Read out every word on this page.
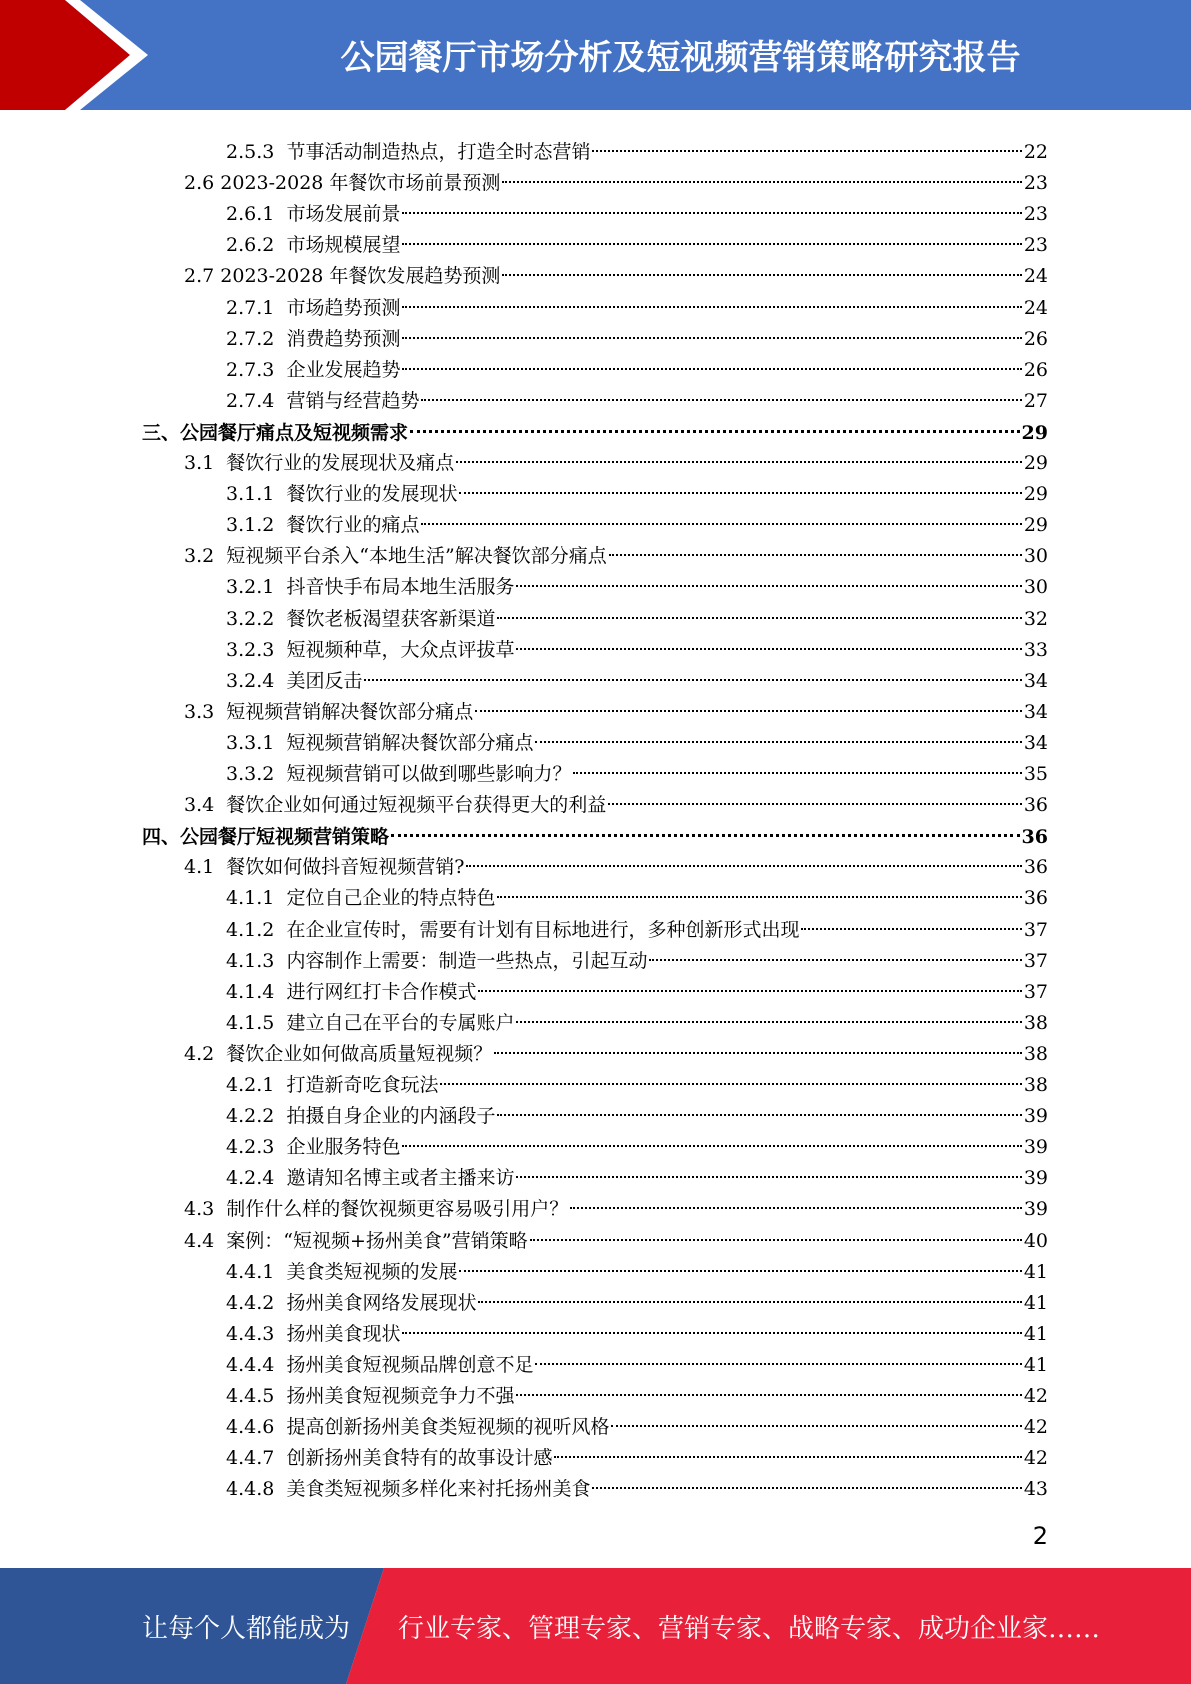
公园餐厅市场分析及短视频营销策略研究报告
2.5.3 节事活动制造热点，打造全时态营销	22
2.6 2023-2028 年餐饮市场前景预测	23
2.6.1 市场发展前景	23
2.6.2 市场规模展望	23
2.7 2023-2028 年餐饮发展趋势预测	24
2.7.1 市场趋势预测	24
2.7.2 消费趋势预测	26
2.7.3 企业发展趋势	26
2.7.4 营销与经营趋势	27
三、 公园餐厅痛点及短视频需求	29
3.1 餐饮行业的发展现状及痛点	29
3.1.1 餐饮行业的发展现状	29
3.1.2 餐饮行业的痛点	29
3.2 短视频平台杀入“本地生活”解决餐饮部分痛点	30
3.2.1 抖音快手布局本地生活服务	30
3.2.2 餐饮老板渴望获客新渠道	32
3.2.3 短视频种草，大众点评拔草	33
3.2.4 美团反击	34
3.3 短视频营销解决餐饮部分痛点	34
3.3.1 短视频营销解决餐饮部分痛点	34
3.3.2 短视频营销可以做到哪些影响力？	35
3.4 餐饮企业如何通过短视频平台获得更大的利益	36
四、 公园餐厅短视频营销策略	36
4.1 餐饮如何做抖音短视频营销?	36
4.1.1 定位自己企业的特点特色	36
4.1.2 在企业宣传时，需要有计划有目标地进行，多种创新形式出现	37
4.1.3 内容制作上需要：制造一些热点，引起互动	37
4.1.4 进行网红打卡合作模式	37
4.1.5 建立自己在平台的专属账户	38
4.2 餐饮企业如何做高质量短视频？	38
4.2.1 打造新奇吃食玩法	38
4.2.2 拍摄自身企业的内涵段子	39
4.2.3 企业服务特色	39
4.2.4 邀请知名博主或者主播来访	39
4.3 制作什么样的餐饮视频更容易吸引用户？	39
4.4 案例：“短视频+扬州美食”营销策略	40
4.4.1 美食类短视频的发展	41
4.4.2 扬州美食网络发展现状	41
4.4.3 扬州美食现状	41
4.4.4 扬州美食短视频品牌创意不足	41
4.4.5 扬州美食短视频竞争力不强	42
4.4.6 提高创新扬州美食类短视频的视听风格	42
4.4.7 创新扬州美食特有的故事设计感	42
4.4.8 美食类短视频多样化来衬托扬州美食	43
2
让每个人都能成为 行业专家、管理专家、营销专家、战略专家、成功企业家……
